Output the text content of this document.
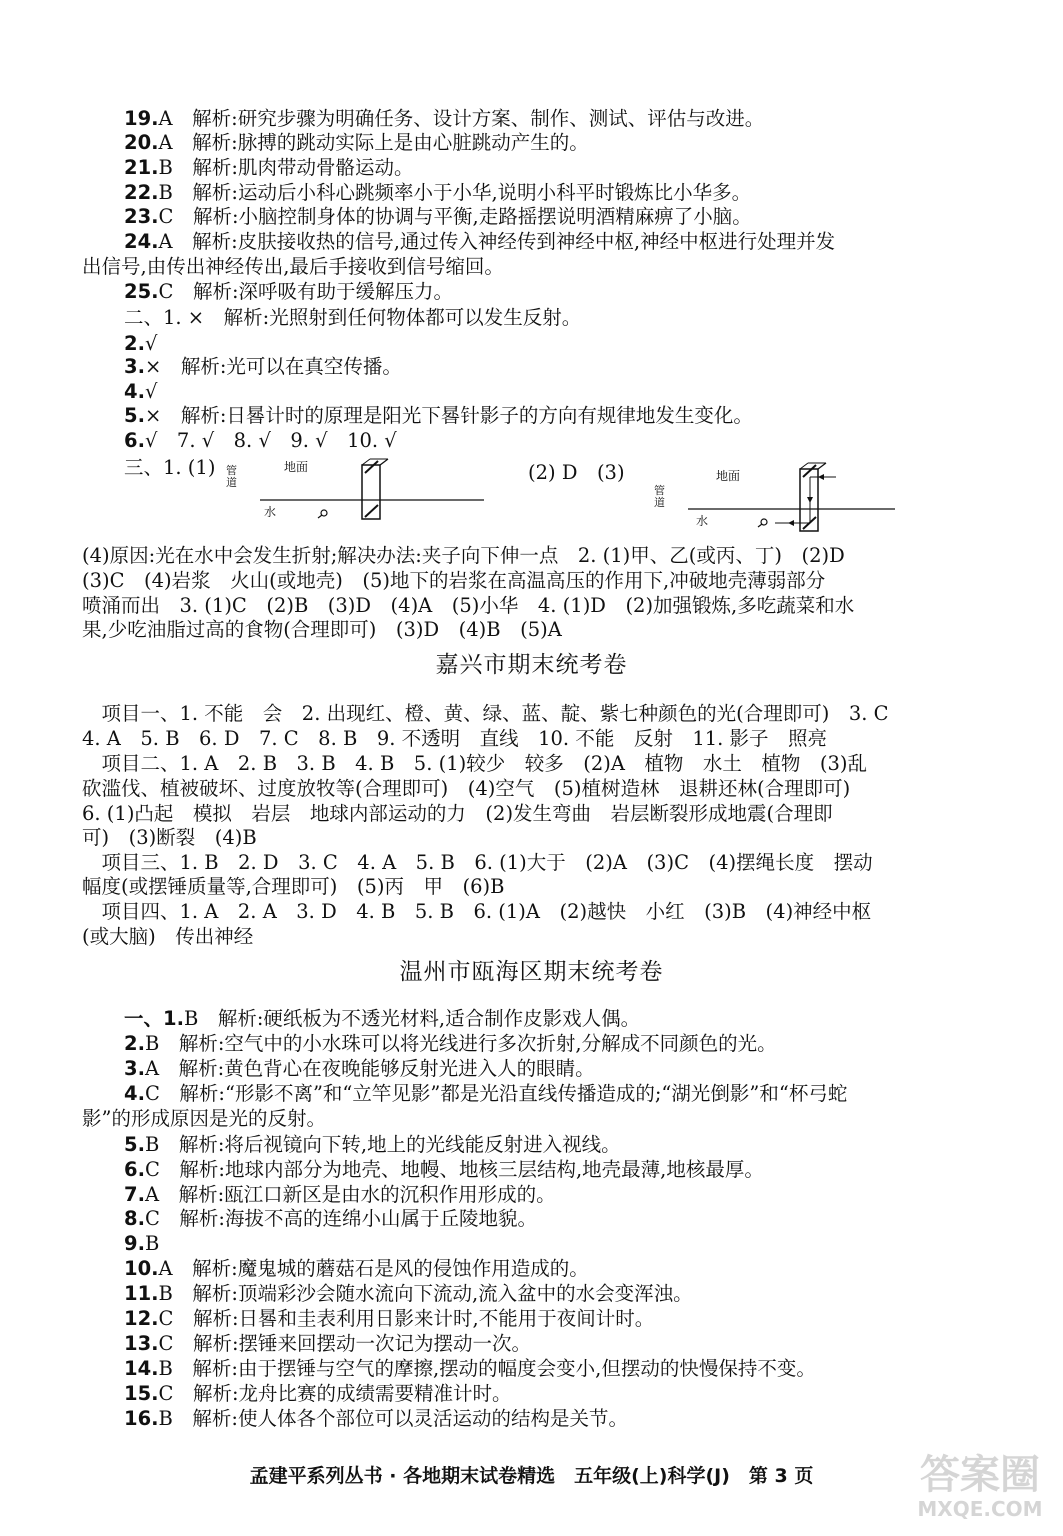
19.A　解析:研究步骤为明确任务、设计方案、制作、测试、评估与改进。
20.A　解析:脉搏的跳动实际上是由心脏跳动产生的。
21.B　解析:肌肉带动骨骼运动。
22.B　解析:运动后小科心跳频率小于小华,说明小科平时锻炼比小华多。
23.C　解析:小脑控制身体的协调与平衡,走路摇摆说明酒精麻痹了小脑。
24.A　解析:皮肤接收热的信号,通过传入神经传到神经中枢,神经中枢进行处理并发
出信号,由传出神经传出,最后手接收到信号缩回。
25.C　解析:深呼吸有助于缓解压力。
二、1. ×　解析:光照射到任何物体都可以发生反射。
2.√
3.×　解析:光可以在真空传播。
4.√
5.×　解析:日晷计时的原理是阳光下晷针影子的方向有规律地发生变化。
6.√　7. √　8. √　9. √　10. √
三、1. (1)	(2) D　(3)
地面
水
管道	地面
水
管道
(4)原因:光在水中会发生折射;解决办法:夹子向下伸一点　2. (1)甲、乙(或丙、丁)　(2)D
(3)C　(4)岩浆　火山(或地壳)　(5)地下的岩浆在高温高压的作用下,冲破地壳薄弱部分
喷涌而出　3. (1)C　(2)B　(3)D　(4)A　(5)小华　4. (1)D　(2)加强锻炼,多吃蔬菜和水
果,少吃油脂过高的食物(合理即可)　(3)D　(4)B　(5)A
嘉兴市期末统考卷
　项目一、1. 不能　会　2. 出现红、橙、黄、绿、蓝、靛、紫七种颜色的光(合理即可)　3. C
4. A　5. B　6. D　7. C　8. B　9. 不透明　直线　10. 不能　反射　11. 影子　照亮
　项目二、1. A　2. B　3. B　4. B　5. (1)较少　较多　(2)A　植物　水土　植物　(3)乱
砍滥伐、植被破坏、过度放牧等(合理即可)　(4)空气　(5)植树造林　退耕还林(合理即可)
6. (1)凸起　模拟　岩层　地球内部运动的力　(2)发生弯曲　岩层断裂形成地震(合理即
可)　(3)断裂　(4)B
　项目三、1. B　2. D　3. C　4. A　5. B　6. (1)大于　(2)A　(3)C　(4)摆绳长度　摆动
幅度(或摆锤质量等,合理即可)　(5)丙　甲　(6)B
　项目四、1. A　2. A　3. D　4. B　5. B　6. (1)A　(2)越快　小红　(3)B　(4)神经中枢
(或大脑)　传出神经
温州市瓯海区期末统考卷
一、1.B　解析:硬纸板为不透光材料,适合制作皮影戏人偶。
2.B　解析:空气中的小水珠可以将光线进行多次折射,分解成不同颜色的光。
3.A　解析:黄色背心在夜晚能够反射光进入人的眼睛。
4.C　解析:“形影不离”和“立竿见影”都是光沿直线传播造成的;“湖光倒影”和“杯弓蛇
影”的形成原因是光的反射。
5.B　解析:将后视镜向下转,地上的光线能反射进入视线。
6.C　解析:地球内部分为地壳、地幔、地核三层结构,地壳最薄,地核最厚。
7.A　解析:瓯江口新区是由水的沉积作用形成的。
8.C　解析:海拔不高的连绵小山属于丘陵地貌。
9.B
10.A　解析:魔鬼城的蘑菇石是风的侵蚀作用造成的。
11.B　解析:顶端彩沙会随水流向下流动,流入盆中的水会变浑浊。
12.C　解析:日晷和圭表利用日影来计时,不能用于夜间计时。
13.C　解析:摆锤来回摆动一次记为摆动一次。
14.B　解析:由于摆锤与空气的摩擦,摆动的幅度会变小,但摆动的快慢保持不变。
15.C　解析:龙舟比赛的成绩需要精准计时。
16.B　解析:使人体各个部位可以灵活运动的结构是关节。
孟建平系列丛书 · 各地期末试卷精选　五年级(上)科学(J)　第 3 页	答案圈
MXQE.COM
